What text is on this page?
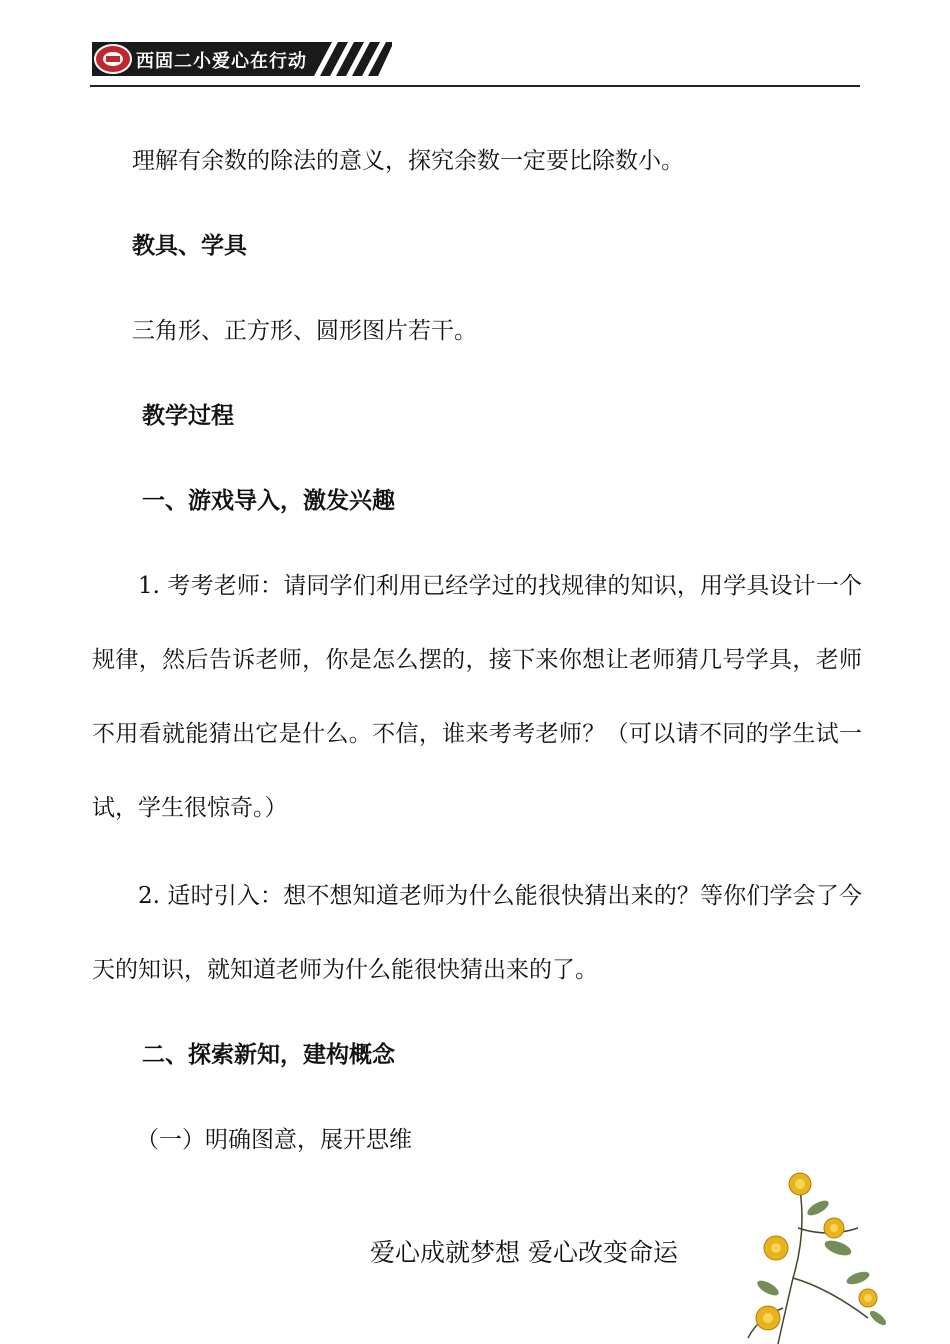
西固二小爱心在行动
理解有余数的除法的意义，探究余数一定要比除数小。
教具、学具
三角形、正方形、圆形图片若干。
教学过程
一、游戏导入，激发兴趣
1. 考考老师：请同学们利用已经学过的找规律的知识，用学具设计一个规律，然后告诉老师，你是怎么摆的，接下来你想让老师猜几号学具，老师不用看就能猜出它是什么。不信，谁来考考老师？（可以请不同的学生试一试，学生很惊奇。）
2. 适时引入：想不想知道老师为什么能很快猜出来的？等你们学会了今天的知识，就知道老师为什么能很快猜出来的了。
二、探索新知，建构概念
（一）明确图意，展开思维
爱心成就梦想 爱心改变命运
